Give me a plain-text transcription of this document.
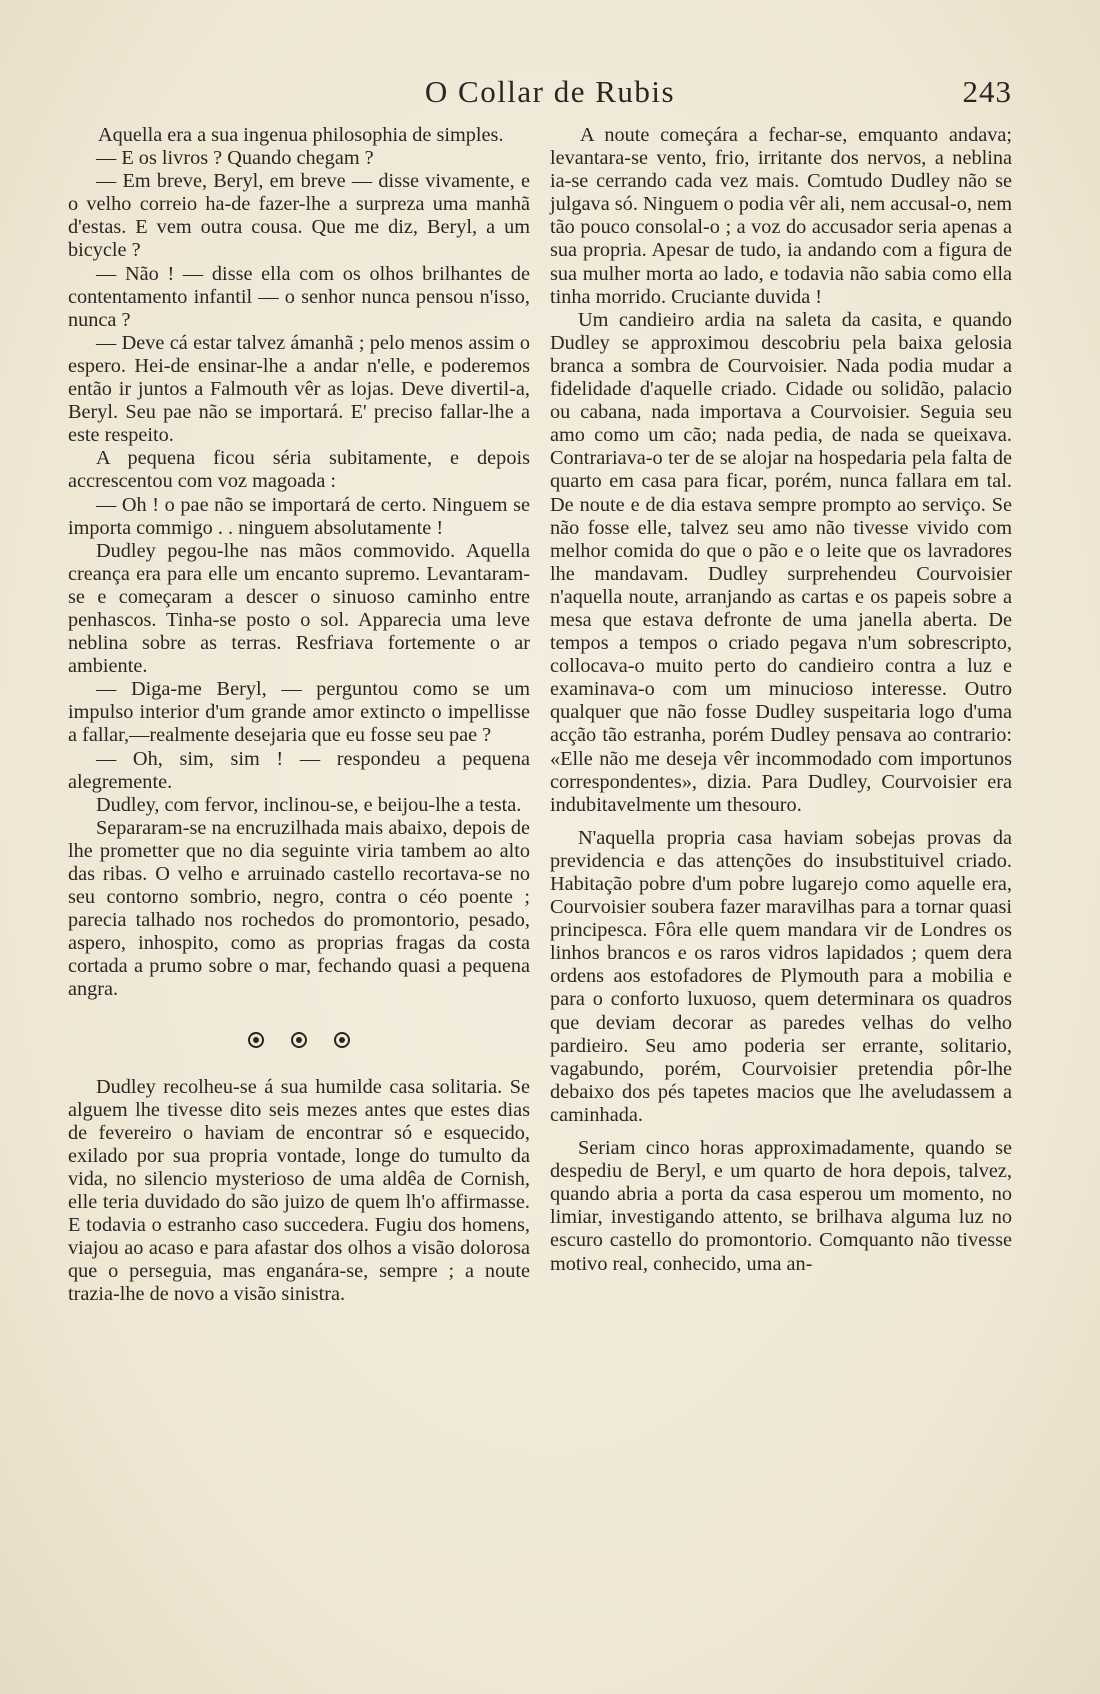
O Collar de Rubis	243

Aquella era a sua ingenua philosophia de simples.

— E os livros ? Quando chegam ?

— Em breve, Beryl, em breve — disse vivamente, e o velho correio ha-de fazer-lhe a surpreza uma manhã d'estas. E vem outra cousa. Que me diz, Beryl, a um bicycle ?

— Não ! — disse ella com os olhos brilhantes de contentamento infantil — o senhor nunca pensou n'isso, nunca ?

— Deve cá estar talvez ámanhã ; pelo menos assim o espero. Hei-de ensinar-lhe a andar n'elle, e poderemos então ir juntos a Falmouth vêr as lojas. Deve divertil-a, Beryl. Seu pae não se importará. E' preciso fallar-lhe a este respeito.

A pequena ficou séria subitamente, e depois accrescentou com voz magoada :

— Oh ! o pae não se importará de certo. Ninguem se importa commigo . . ninguem absolutamente !

Dudley pegou-lhe nas mãos commovido. Aquella creança era para elle um encanto supremo. Levantaram-se e começaram a descer o sinuoso caminho entre penhascos. Tinha-se posto o sol. Apparecia uma leve neblina sobre as terras. Resfriava fortemente o ar ambiente.

— Diga-me Beryl, — perguntou como se um impulso interior d'um grande amor extincto o impellisse a fallar,—realmente desejaria que eu fosse seu pae ?

— Oh, sim, sim ! — respondeu a pequena alegremente.

Dudley, com fervor, inclinou-se, e beijou-lhe a testa.

Separaram-se na encruzilhada mais abaixo, depois de lhe prometter que no dia seguinte viria tambem ao alto das ribas. O velho e arruinado castello recortava-se no seu contorno sombrio, negro, contra o céo poente ; parecia talhado nos rochedos do promontorio, pesado, aspero, inhospito, como as proprias fragas da costa cortada a prumo sobre o mar, fechando quasi a pequena angra.

Dudley recolheu-se á sua humilde casa solitaria. Se alguem lhe tivesse dito seis mezes antes que estes dias de fevereiro o haviam de encontrar só e esquecido, exilado por sua propria vontade, longe do tumulto da vida, no silencio mysterioso de uma aldêa de Cornish, elle teria duvidado do são juizo de quem lh'o affirmasse. E todavia o estranho caso succedera. Fugiu dos homens, viajou ao acaso e para afastar dos olhos a visão dolorosa que o perseguia, mas enganára-se, sempre ; a noute trazia-lhe de novo a visão sinistra.

A noute começára a fechar-se, emquanto andava; levantara-se vento, frio, irritante dos nervos, a neblina ia-se cerrando cada vez mais. Comtudo Dudley não se julgava só. Ninguem o podia vêr ali, nem accusal-o, nem tão pouco consolal-o ; a voz do accusador seria apenas a sua propria. Apesar de tudo, ia andando com a figura de sua mulher morta ao lado, e todavia não sabia como ella tinha morrido. Cruciante duvida !

Um candieiro ardia na saleta da casita, e quando Dudley se approximou descobriu pela baixa gelosia branca a sombra de Courvoisier. Nada podia mudar a fidelidade d'aquelle criado. Cidade ou solidão, palacio ou cabana, nada importava a Courvoisier. Seguia seu amo como um cão; nada pedia, de nada se queixava. Contrariava-o ter de se alojar na hospedaria pela falta de quarto em casa para ficar, porém, nunca fallara em tal. De noute e de dia estava sempre prompto ao serviço. Se não fosse elle, talvez seu amo não tivesse vivido com melhor comida do que o pão e o leite que os lavradores lhe mandavam. Dudley surprehendeu Courvoisier n'aquella noute, arranjando as cartas e os papeis sobre a mesa que estava defronte de uma janella aberta. De tempos a tempos o criado pegava n'um sobrescripto, collocava-o muito perto do candieiro contra a luz e examinava-o com um minucioso interesse. Outro qualquer que não fosse Dudley suspeitaria logo d'uma acção tão estranha, porém Dudley pensava ao contrario: «Elle não me deseja vêr incommodado com importunos correspondentes», dizia. Para Dudley, Courvoisier era indubitavelmente um thesouro.

N'aquella propria casa haviam sobejas provas da previdencia e das attenções do insubstituivel criado. Habitação pobre d'um pobre lugarejo como aquelle era, Courvoisier soubera fazer maravilhas para a tornar quasi principesca. Fôra elle quem mandara vir de Londres os linhos brancos e os raros vidros lapidados ; quem dera ordens aos estofadores de Plymouth para a mobilia e para o conforto luxuoso, quem determinara os quadros que deviam decorar as paredes velhas do velho pardieiro. Seu amo poderia ser errante, solitario, vagabundo, porém, Courvoisier pretendia pôr-lhe debaixo dos pés tapetes macios que lhe aveludassem a caminhada.

Seriam cinco horas approximadamente, quando se despediu de Beryl, e um quarto de hora depois, talvez, quando abria a porta da casa esperou um momento, no limiar, investigando attento, se brilhava alguma luz no escuro castello do promontorio. Comquanto não tivesse motivo real, conhecido, uma an-
